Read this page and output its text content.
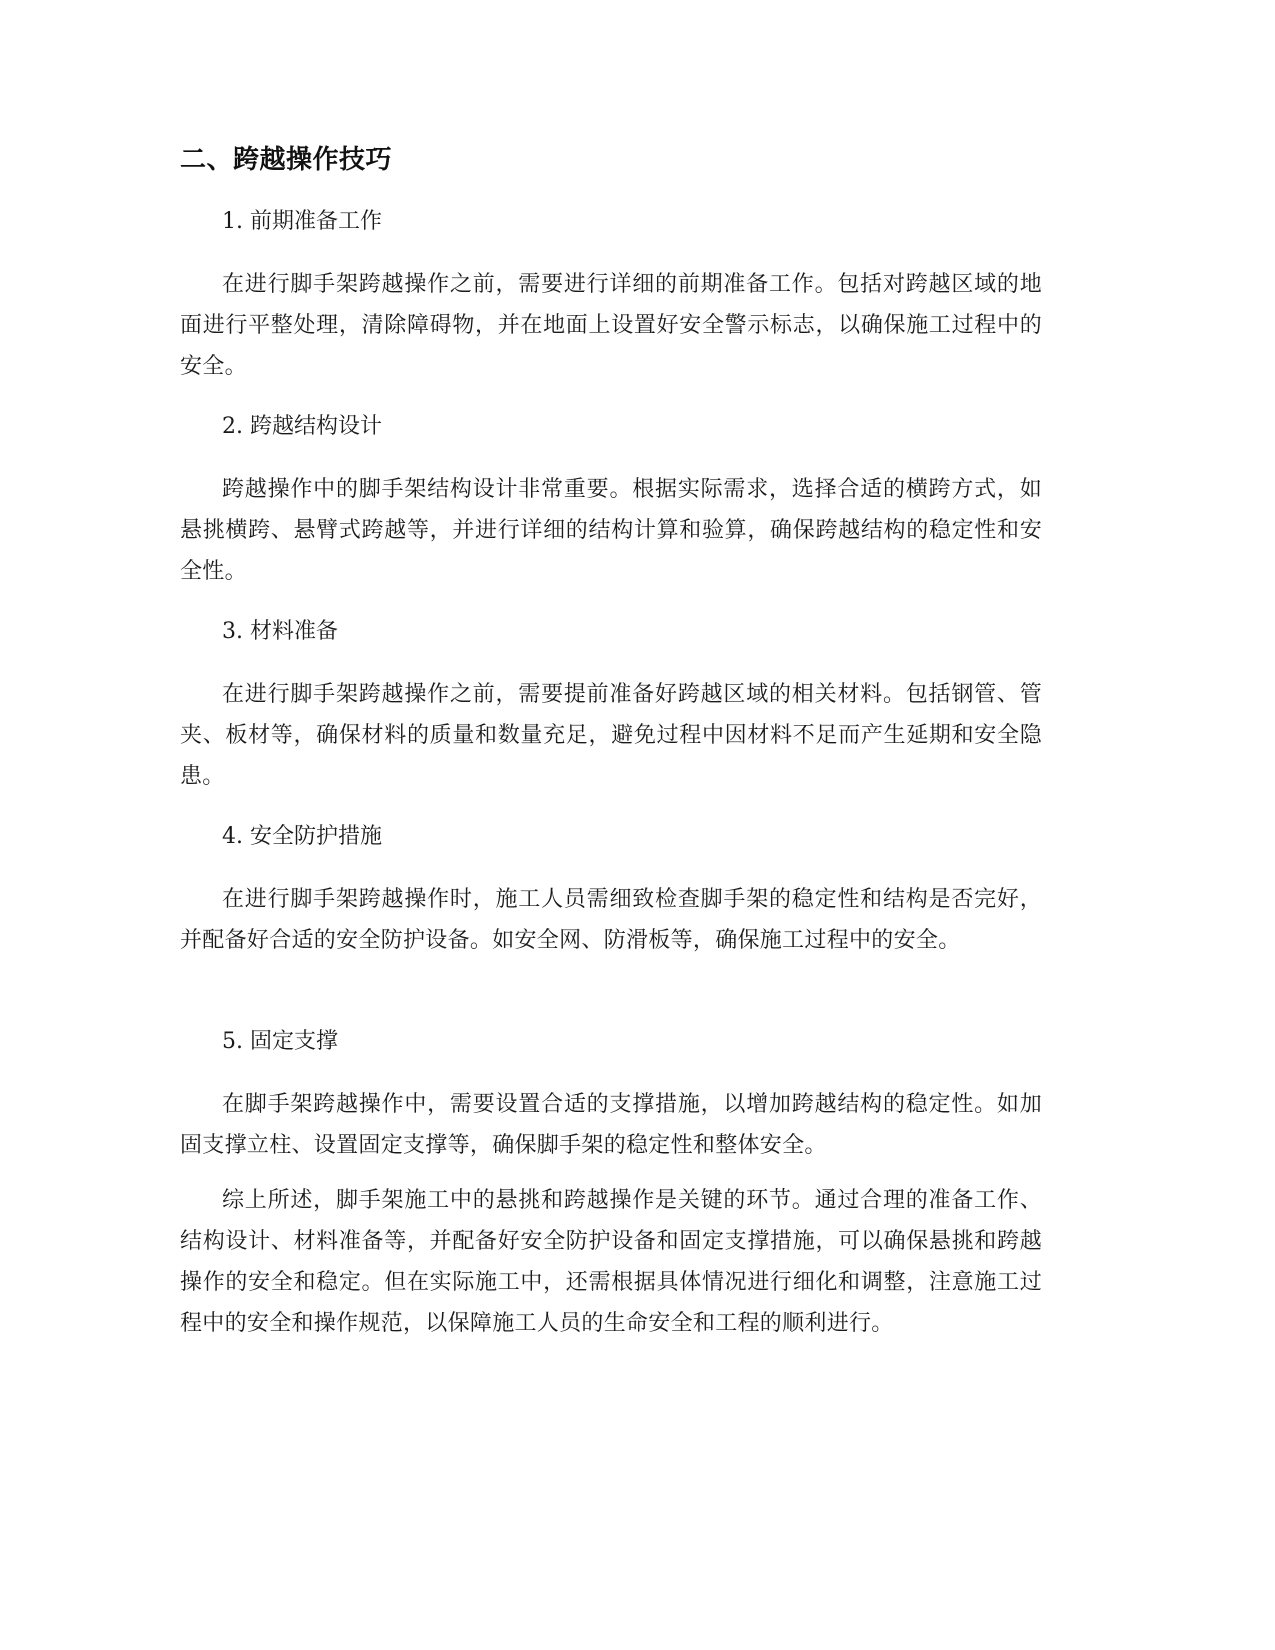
二、跨越操作技巧

1. 前期准备工作

在进行脚手架跨越操作之前，需要进行详细的前期准备工作。包括对跨越区域的地面进行平整处理，清除障碍物，并在地面上设置好安全警示标志，以确保施工过程中的安全。

2. 跨越结构设计

跨越操作中的脚手架结构设计非常重要。根据实际需求，选择合适的横跨方式，如悬挑横跨、悬臂式跨越等，并进行详细的结构计算和验算，确保跨越结构的稳定性和安全性。

3. 材料准备

在进行脚手架跨越操作之前，需要提前准备好跨越区域的相关材料。包括钢管、管夹、板材等，确保材料的质量和数量充足，避免过程中因材料不足而产生延期和安全隐患。

4. 安全防护措施

在进行脚手架跨越操作时，施工人员需细致检查脚手架的稳定性和结构是否完好，并配备好合适的安全防护设备。如安全网、防滑板等，确保施工过程中的安全。

5. 固定支撑

在脚手架跨越操作中，需要设置合适的支撑措施，以增加跨越结构的稳定性。如加固支撑立柱、设置固定支撑等，确保脚手架的稳定性和整体安全。

综上所述，脚手架施工中的悬挑和跨越操作是关键的环节。通过合理的准备工作、结构设计、材料准备等，并配备好安全防护设备和固定支撑措施，可以确保悬挑和跨越操作的安全和稳定。但在实际施工中，还需根据具体情况进行细化和调整，注意施工过程中的安全和操作规范，以保障施工人员的生命安全和工程的顺利进行。
